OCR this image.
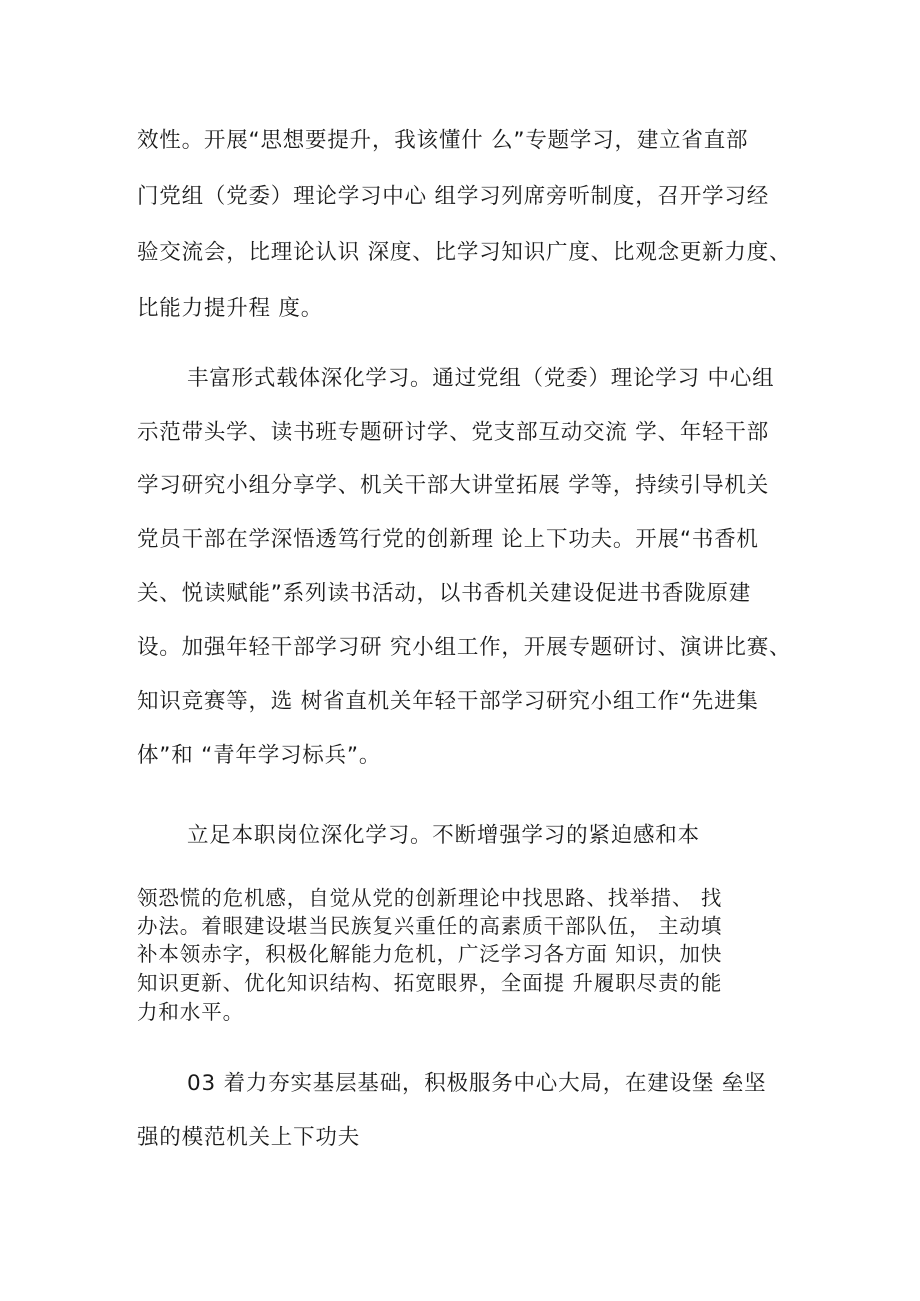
效性。开展“思想要提升，我该懂什 么”专题学习，建立省直部
门党组（党委）理论学习中心 组学习列席旁听制度，召开学习经
验交流会，比理论认识 深度、比学习知识广度、比观念更新力度、
比能力提升程 度。
丰富形式载体深化学习。通过党组（党委）理论学习 中心组
示范带头学、读书班专题研讨学、党支部互动交流 学、年轻干部
学习研究小组分享学、机关干部大讲堂拓展 学等，持续引导机关
党员干部在学深悟透笃行党的创新理 论上下功夫。开展“书香机
关、悦读赋能”系列读书活动，以书香机关建设促进书香陇原建
设。加强年轻干部学习研 究小组工作，开展专题研讨、演讲比赛、
知识竞赛等，选 树省直机关年轻干部学习研究小组工作“先进集
体”和 “青年学习标兵”。
立足本职岗位深化学习。不断增强学习的紧迫感和本
领恐慌的危机感，自觉从党的创新理论中找思路、找举措、 找
办法。着眼建设堪当民族复兴重任的高素质干部队伍， 主动填
补本领赤字，积极化解能力危机，广泛学习各方面 知识，加快
知识更新、优化知识结构、拓宽眼界，全面提 升履职尽责的能
力和水平。
03 着力夯实基层基础，积极服务中心大局，在建设堡 垒坚
强的模范机关上下功夫
